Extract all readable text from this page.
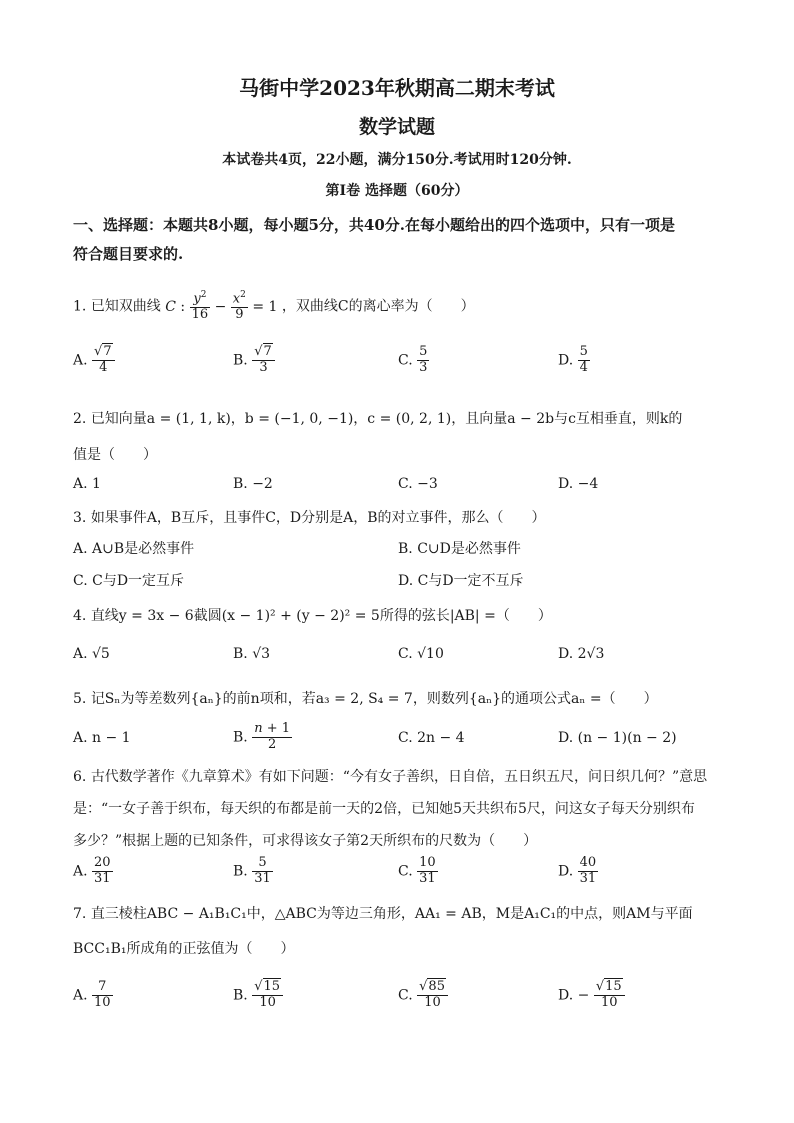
马街中学2023年秋期高二期末考试
数学试题
本试卷共4页，22小题，满分150分.考试用时120分钟.
第I卷 选择题（60分）
一、选择题：本题共8小题，每小题5分，共40分.在每小题给出的四个选项中，只有一项是
符合题目要求的.
1. 已知双曲线 C : $\frac{y^2}{16} - \frac{x^2}{9} = 1$ ，双曲线C的离心率为（　　）
A. $\frac{√7}{4}$	B. $\frac{√7}{3}$	C. $\frac{5}{3}$	D. $\frac{5}{4}$
2. 已知向量a = (1, 1, k)，b = (−1, 0, −1)，c = (0, 2, 1)，且向量a − 2b与c互相垂直，则k的
值是（　　）
A. 1	B. −2	C. −3	D. −4
3. 如果事件A，B互斥，且事件C，D分别是A，B的对立事件，那么（　　）
A. A∪B是必然事件	B. C∪D是必然事件
C. C与D一定互斥	D. C与D一定不互斥
4. 直线y = 3x − 6截圆(x − 1)² + (y − 2)² = 5所得的弦长|AB| =（　　）
A. √5	B. √3	C. √10	D. 2√3
5. 记Sₙ为等差数列{aₙ}的前n项和，若a₃ = 2, S₄ = 7，则数列{aₙ}的通项公式aₙ =（　　）
A. n − 1	B. $\frac{n + 1}{2}$	C. 2n − 4	D. (n − 1)(n − 2)
6. 古代数学著作《九章算术》有如下问题：“今有女子善织，日自倍，五日织五尺，问日织几何？”意思
是：“一女子善于织布，每天织的布都是前一天的2倍，已知她5天共织布5尺，问这女子每天分别织布
多少？”根据上题的已知条件，可求得该女子第2天所织布的尺数为（　　）
A. $\frac{20}{31}$	B. $\frac{5}{31}$	C. $\frac{10}{31}$	D. $\frac{40}{31}$
7. 直三棱柱ABC − A₁B₁C₁中，△ABC为等边三角形，AA₁ = AB，M是A₁C₁的中点，则AM与平面
BCC₁B₁所成角的正弦值为（　　）
A. $\frac{7}{10}$	B. $\frac{√15}{10}$	C. $\frac{√85}{10}$	D. − $\frac{√15}{10}$
